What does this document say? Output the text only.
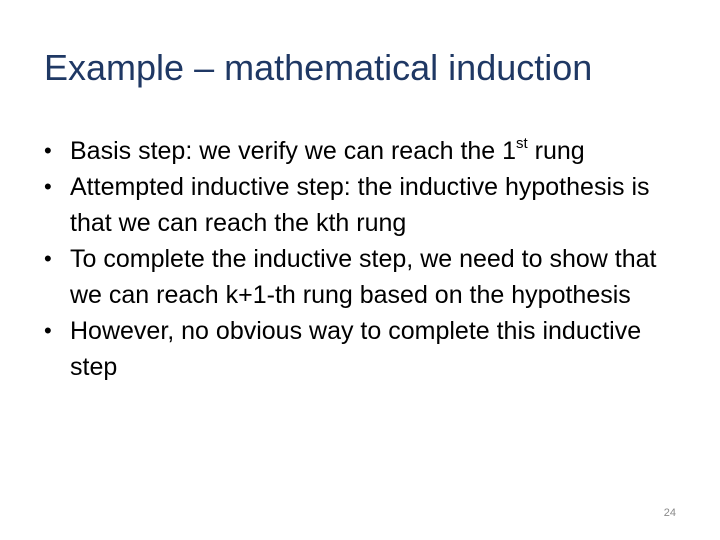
Example – mathematical induction
• Basis step: we verify we can reach the 1st rung
• Attempted inductive step: the inductive hypothesis is that we can reach the kth rung
• To complete the inductive step, we need to show that we can reach k+1-th rung based on the hypothesis
• However, no obvious way to complete this inductive step
24
